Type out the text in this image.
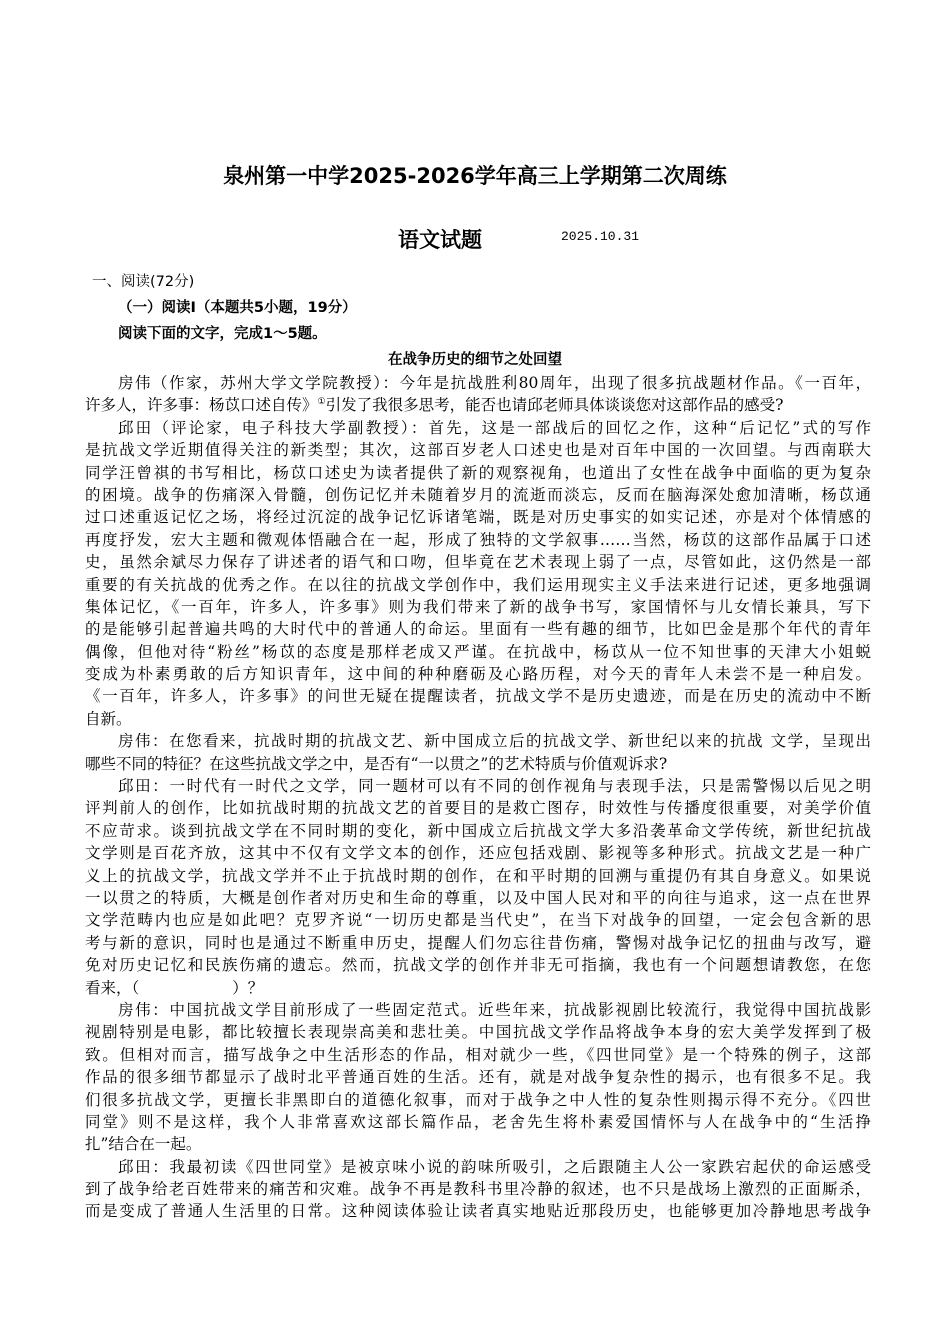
泉州第一中学2025-2026学年高三上学期第二次周练
语文试题	2025.10.31
一、阅读(72分)
（一）阅读Ⅰ（本题共5小题，19分）
阅读下面的文字，完成1～5题。
在战争历史的细节之处回望
房伟（作家，苏州大学文学院教授）：今年是抗战胜利80周年，出现了很多抗战题材作品。《一百年，
许多人，许多事：杨苡口述自传》①引发了我很多思考，能否也请邱老师具体谈谈您对这部作品的感受?
邱田（评论家，电子科技大学副教授）：首先，这是一部战后的回忆之作，这种“后记忆”式的写作
是抗战文学近期值得关注的新类型；其次，这部百岁老人口述史也是对百年中国的一次回望。与西南联大
同学汪曾祺的书写相比，杨苡口述史为读者提供了新的观察视角，也道出了女性在战争中面临的更为复杂
的困境。战争的伤痛深入骨髓，创伤记忆并未随着岁月的流逝而淡忘，反而在脑海深处愈加清晰，杨苡通
过口述重返记忆之场，将经过沉淀的战争记忆诉诸笔端，既是对历史事实的如实记述，亦是对个体情感的
再度抒发，宏大主题和微观体悟融合在一起，形成了独特的文学叙事……当然，杨苡的这部作品属于口述
史，虽然余斌尽力保存了讲述者的语气和口吻，但毕竟在艺术表现上弱了一点，尽管如此，这仍然是一部
重要的有关抗战的优秀之作。在以往的抗战文学创作中，我们运用现实主义手法来进行记述，更多地强调
集体记忆，《一百年，许多人，许多事》则为我们带来了新的战争书写，家国情怀与儿女情长兼具，写下
的是能够引起普遍共鸣的大时代中的普通人的命运。里面有一些有趣的细节，比如巴金是那个年代的青年
偶像，但他对待“粉丝”杨苡的态度是那样老成又严谨。在抗战中，杨苡从一位不知世事的天津大小姐蜕
变成为朴素勇敢的后方知识青年，这中间的种种磨砺及心路历程，对今天的青年人未尝不是一种启发。
《一百年，许多人，许多事》的问世无疑在提醒读者，抗战文学不是历史遗迹，而是在历史的流动中不断
自新。
房伟：在您看来，抗战时期的抗战文艺、新中国成立后的抗战文学、新世纪以来的抗战 文学，呈现出
哪些不同的特征？在这些抗战文学之中，是否有“一以贯之”的艺术特质与价值观诉求?
邱田：一时代有一时代之文学，同一题材可以有不同的创作视角与表现手法，只是需警惕以后见之明
评判前人的创作，比如抗战时期的抗战文艺的首要目的是救亡图存，时效性与传播度很重要，对美学价值
不应苛求。谈到抗战文学在不同时期的变化，新中国成立后抗战文学大多沿袭革命文学传统，新世纪抗战
文学则是百花齐放，这其中不仅有文学文本的创作，还应包括戏剧、影视等多种形式。抗战文艺是一种广
义上的抗战文学，抗战文学并不止于抗战时期的创作，在和平时期的回溯与重提仍有其自身意义。如果说
一以贯之的特质，大概是创作者对历史和生命的尊重，以及中国人民对和平的向往与追求，这一点在世界
文学范畴内也应是如此吧？克罗齐说“一切历史都是当代史”，在当下对战争的回望，一定会包含新的思
考与新的意识，同时也是通过不断重申历史，提醒人们勿忘往昔伤痛，警惕对战争记忆的扭曲与改写，避
免对历史记忆和民族伤痛的遗忘。然而，抗战文学的创作并非无可指摘，我也有一个问题想请教您，在您
看来，（　　　　　　）？
房伟：中国抗战文学目前形成了一些固定范式。近些年来，抗战影视剧比较流行，我觉得中国抗战影
视剧特别是电影，都比较擅长表现崇高美和悲壮美。中国抗战文学作品将战争本身的宏大美学发挥到了极
致。但相对而言，描写战争之中生活形态的作品，相对就少一些，《四世同堂》是一个特殊的例子，这部
作品的很多细节都显示了战时北平普通百姓的生活。还有，就是对战争复杂性的揭示，也有很多不足。我
们很多抗战文学，更擅长非黑即白的道德化叙事，而对于战争之中人性的复杂性则揭示得不充分。《四世
同堂》则不是这样，我个人非常喜欢这部长篇作品，老舍先生将朴素爱国情怀与人在战争中的“生活挣
扎”结合在一起。
邱田：我最初读《四世同堂》是被京味小说的韵味所吸引，之后跟随主人公一家跌宕起伏的命运感受
到了战争给老百姓带来的痛苦和灾难。战争不再是教科书里冷静的叙述，也不只是战场上激烈的正面厮杀，
而是变成了普通人生活里的日常。这种阅读体验让读者真实地贴近那段历史，也能够更加冷静地思考战争
